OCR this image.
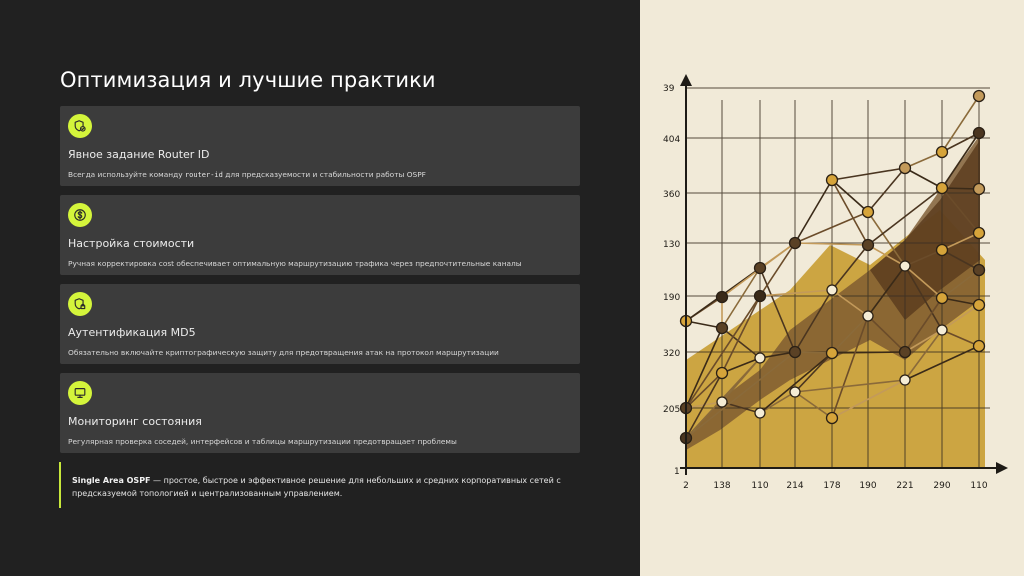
Оптимизация и лучшие практики
Явное задание Router ID
Всегда используйте команду router-id для предсказуемости и стабильности работы OSPF
Настройка стоимости
Ручная корректировка cost обеспечивает оптимальную маршрутизацию трафика через предпочтительные каналы
Аутентификация MD5
Обязательно включайте криптографическую защиту для предотвращения атак на протокол маршрутизации
Мониторинг состояния
Регулярная проверка соседей, интерфейсов и таблицы маршрутизации предотвращает проблемы

Single Area OSPF — простое, быстрое и эффективное решение для небольших и средних корпоративных сетей с предсказуемой топологией и централизованным управлением.

39
404
360
130
190
320
205
1
2	138 110 214 178 190 221 290 110
